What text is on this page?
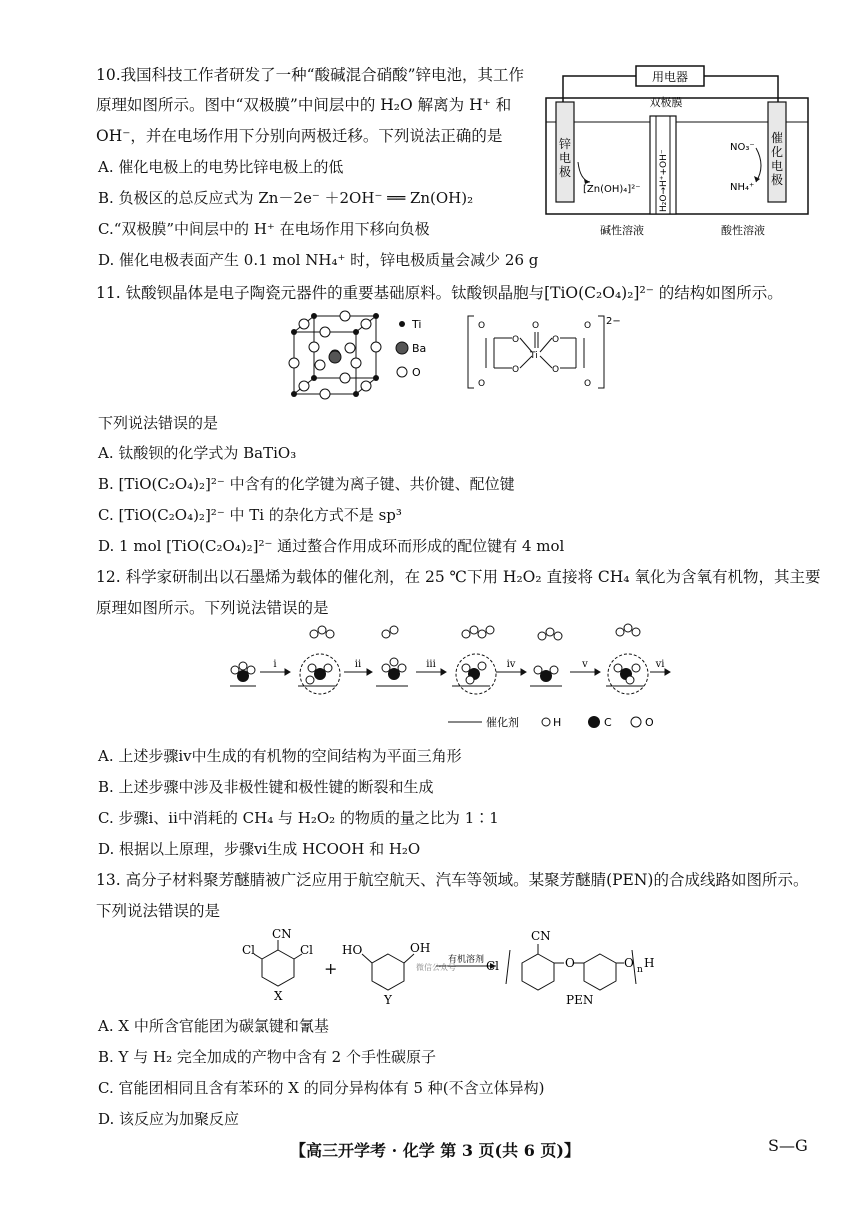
10.我国科技工作者研发了一种“酸碱混合硝酸”锌电池，其工作
原理如图所示。图中“双极膜”中间层中的 H₂O 解离为 H⁺ 和
OH⁻，并在电场作用下分别向两极迁移。下列说法正确的是
A. 催化电极上的电势比锌电极上的低
B. 负极区的总反应式为 Zn－2e⁻ ＋2OH⁻ ══ Zn(OH)₂
C.“双极膜”中间层中的 H⁺ 在电场作用下移向负极
D. 催化电极表面产生 0.1 mol NH₄⁺ 时，锌电极质量会减少 26 g
用电器
锌电极
催化电极
双极膜
H₂O→H⁺+OH⁻
[Zn(OH)₄]²⁻
NO₃⁻
NH₄⁺
碱性溶液	酸性溶液
11. 钛酸钡晶体是电子陶瓷元器件的重要基础原料。钛酸钡晶胞与[TiO(C₂O₄)₂]²⁻ 的结构如图所示。
Ti
Ba
O
O
O
O
O
O
O
O
O
O
Ti
2−
下列说法错误的是
A. 钛酸钡的化学式为 BaTiO₃
B. [TiO(C₂O₄)₂]²⁻ 中含有的化学键为离子键、共价键、配位键
C. [TiO(C₂O₄)₂]²⁻ 中 Ti 的杂化方式不是 sp³
D. 1 mol [TiO(C₂O₄)₂]²⁻ 通过螯合作用成环而形成的配位键有 4 mol
12. 科学家研制出以石墨烯为载体的催化剂，在 25 ℃下用 H₂O₂ 直接将 CH₄ 氧化为含氧有机物，其主要
原理如图所示。下列说法错误的是
i	ii	iii	iv	v	vi
催化剂	H	C	O
A. 上述步骤ⅳ中生成的有机物的空间结构为平面三角形
B. 上述步骤中涉及非极性键和极性键的断裂和生成
C. 步骤ⅰ、ⅱ中消耗的 CH₄ 与 H₂O₂ 的物质的量之比为 1∶1
D. 根据以上原理，步骤ⅵ生成 HCOOH 和 H₂O
13. 高分子材料聚芳醚腈被广泛应用于航空航天、汽车等领域。某聚芳醚腈(PEN)的合成线路如图所示。
下列说法错误的是
CN
Cl	Cl
X
+
HO	OH
Y
Cl
CN
O	O n H
PEN
有机溶剂
微信公众号
A. X 中所含官能团为碳氯键和氰基
B. Y 与 H₂ 完全加成的产物中含有 2 个手性碳原子
C. 官能团相同且含有苯环的 X 的同分异构体有 5 种(不含立体异构)
D. 该反应为加聚反应
【高三开学考 · 化学 第 3 页(共 6 页)】	S—G
